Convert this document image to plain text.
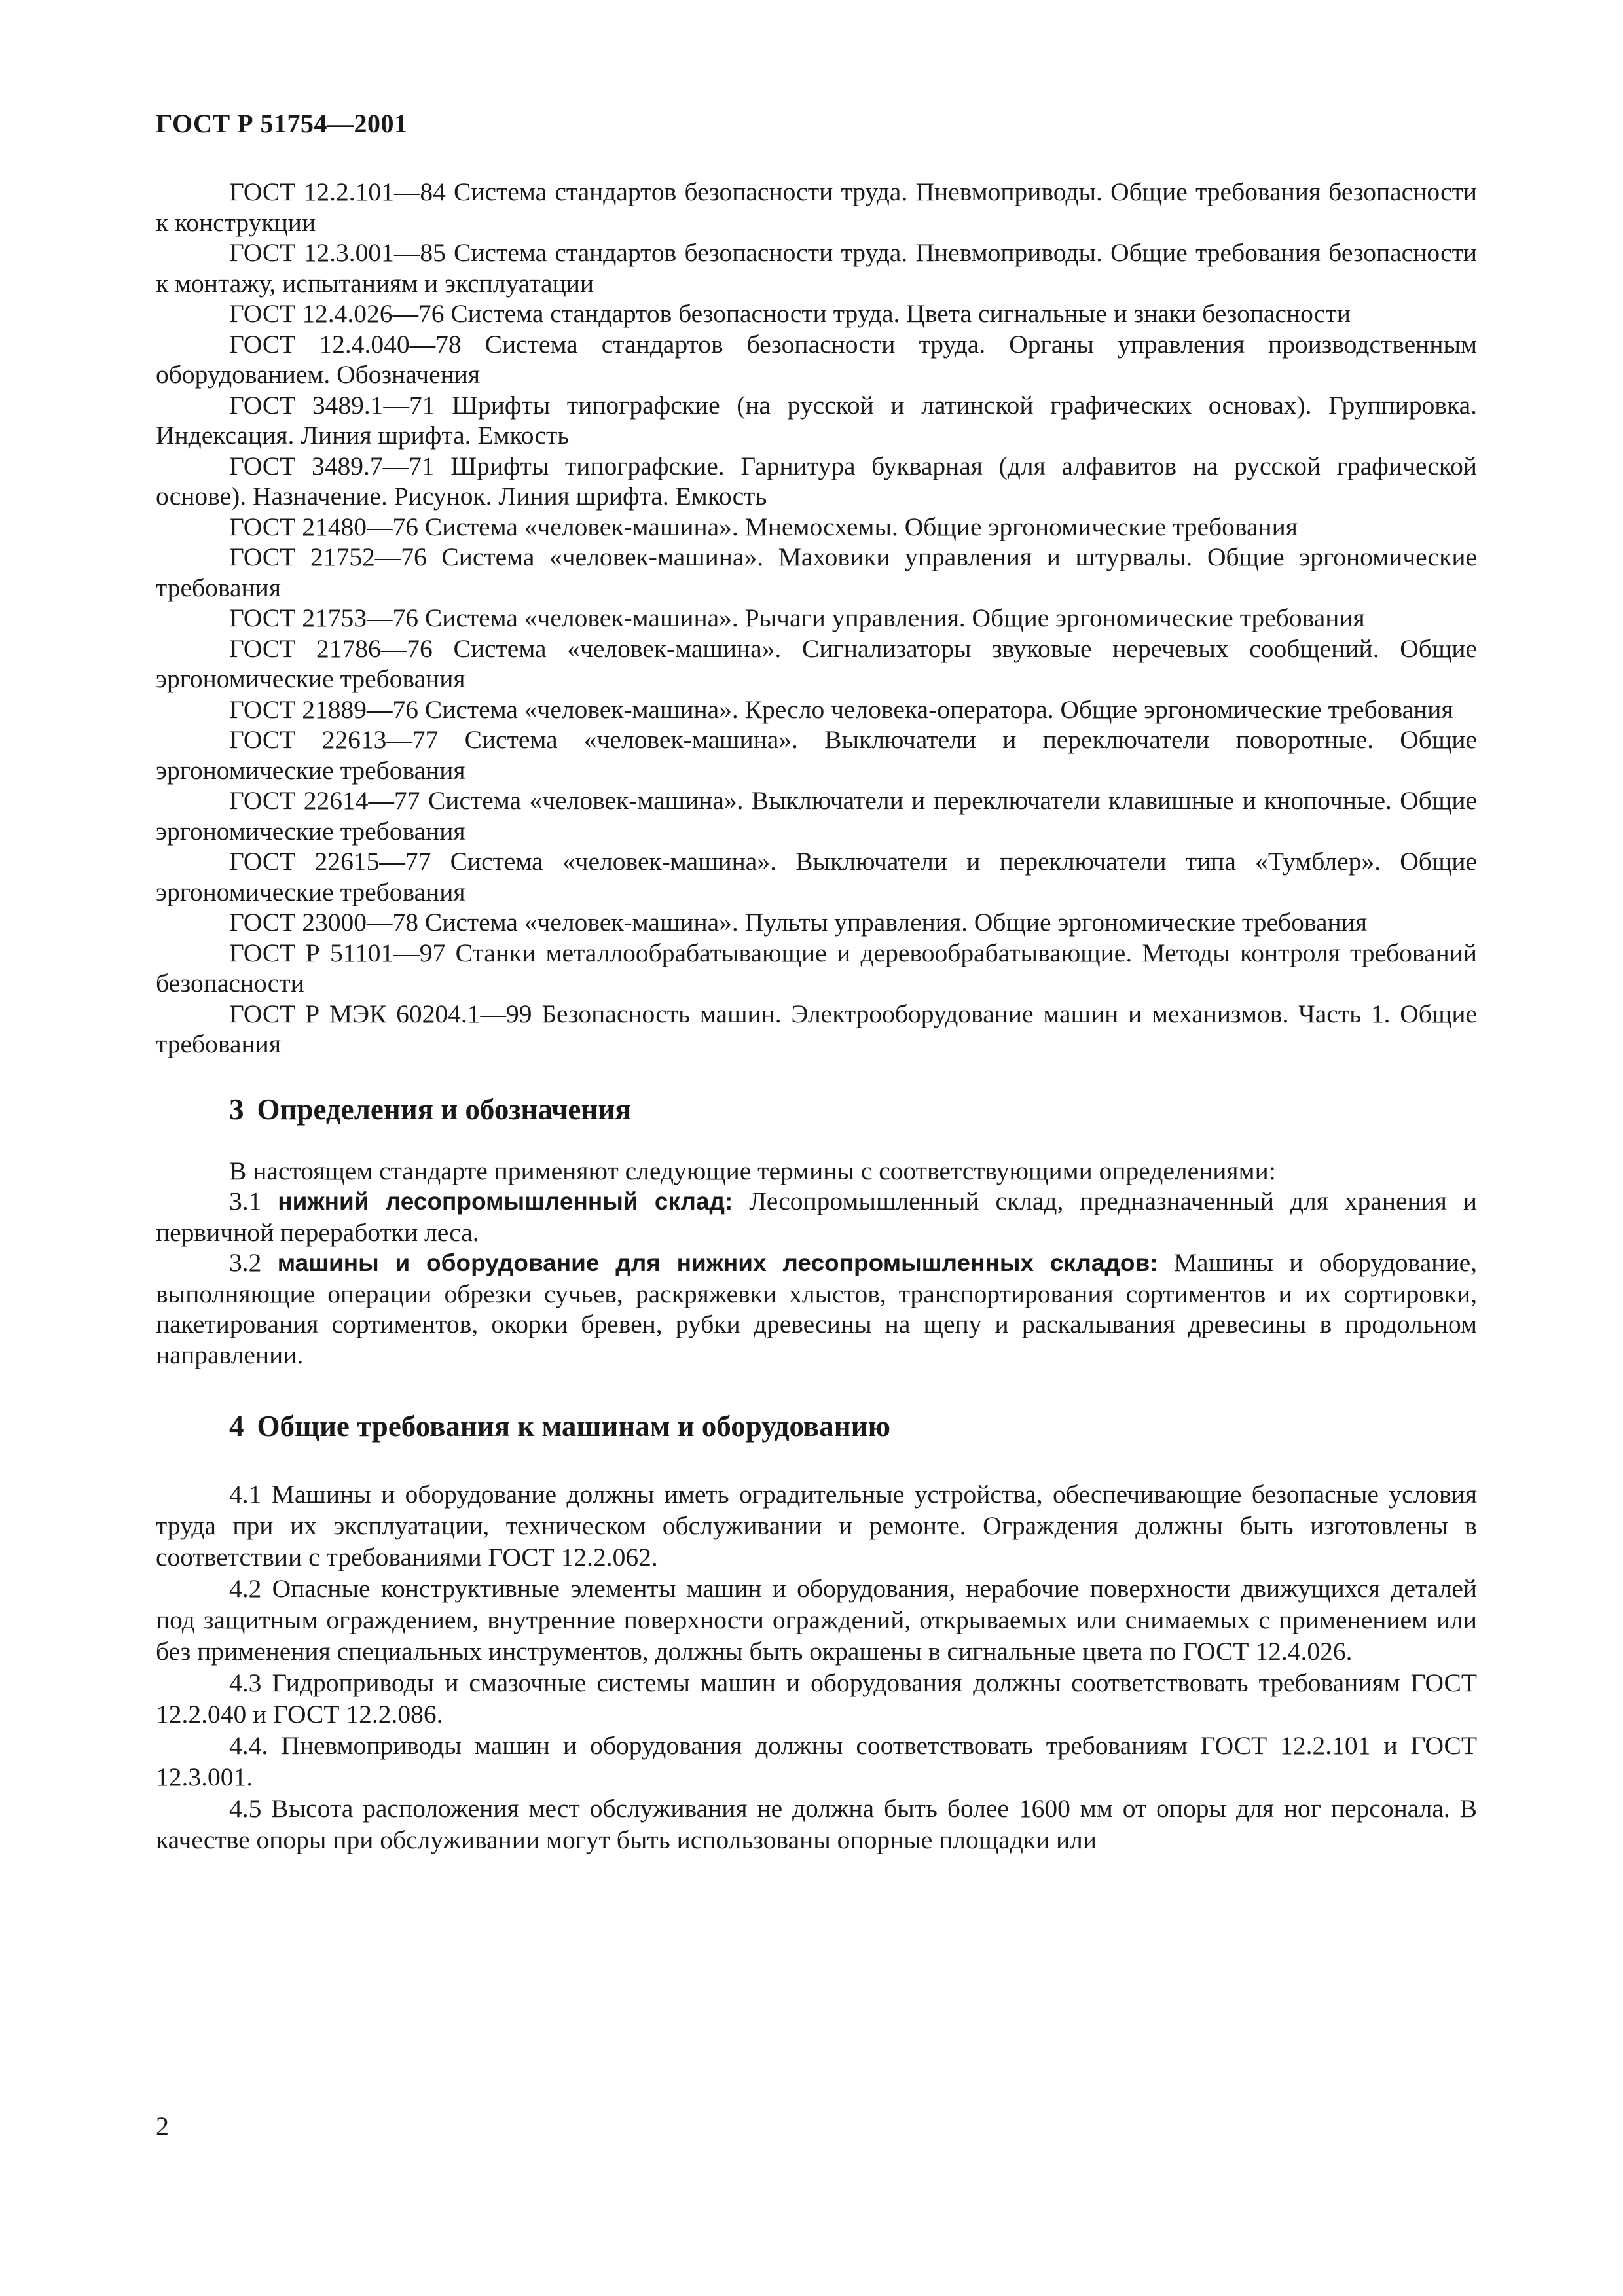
ГОСТ Р 51754—2001

ГОСТ 12.2.101—84 Система стандартов безопасности труда. Пневмоприводы. Общие требования безопасности к конструкции

ГОСТ 12.3.001—85 Система стандартов безопасности труда. Пневмоприводы. Общие требования безопасности к монтажу, испытаниям и эксплуатации

ГОСТ 12.4.026—76 Система стандартов безопасности труда. Цвета сигнальные и знаки безопасности

ГОСТ 12.4.040—78 Система стандартов безопасности труда. Органы управления производственным оборудованием. Обозначения

ГОСТ 3489.1—71 Шрифты типографские (на русской и латинской графических основах). Группировка. Индексация. Линия шрифта. Емкость

ГОСТ 3489.7—71 Шрифты типографские. Гарнитура букварная (для алфавитов на русской графической основе). Назначение. Рисунок. Линия шрифта. Емкость

ГОСТ 21480—76 Система «человек-машина». Мнемосхемы. Общие эргономические требования

ГОСТ 21752—76 Система «человек-машина». Маховики управления и штурвалы. Общие эргономические требования

ГОСТ 21753—76 Система «человек-машина». Рычаги управления. Общие эргономические требования

ГОСТ 21786—76 Система «человек-машина». Сигнализаторы звуковые неречевых сообщений. Общие эргономические требования

ГОСТ 21889—76 Система «человек-машина». Кресло человека-оператора. Общие эргономические требования

ГОСТ 22613—77 Система «человек-машина». Выключатели и переключатели поворотные. Общие эргономические требования

ГОСТ 22614—77 Система «человек-машина». Выключатели и переключатели клавишные и кнопочные. Общие эргономические требования

ГОСТ 22615—77 Система «человек-машина». Выключатели и переключатели типа «Тумблер». Общие эргономические требования

ГОСТ 23000—78 Система «человек-машина». Пульты управления. Общие эргономические требования

ГОСТ Р 51101—97 Станки металлообрабатывающие и деревообрабатывающие. Методы контроля требований безопасности

ГОСТ Р МЭК 60204.1—99 Безопасность машин. Электрооборудование машин и механизмов. Часть 1. Общие требования

3 Определения и обозначения

В настоящем стандарте применяют следующие термины с соответствующими определениями:

3.1 нижний лесопромышленный склад: Лесопромышленный склад, предназначенный для хранения и первичной переработки леса.

3.2 машины и оборудование для нижних лесопромышленных складов: Машины и оборудование, выполняющие операции обрезки сучьев, раскряжевки хлыстов, транспортирования сортиментов и их сортировки, пакетирования сортиментов, окорки бревен, рубки древесины на щепу и раскалывания древесины в продольном направлении.

4 Общие требования к машинам и оборудованию

4.1 Машины и оборудование должны иметь оградительные устройства, обеспечивающие безопасные условия труда при их эксплуатации, техническом обслуживании и ремонте. Ограждения должны быть изготовлены в соответствии с требованиями ГОСТ 12.2.062.

4.2 Опасные конструктивные элементы машин и оборудования, нерабочие поверхности движущихся деталей под защитным ограждением, внутренние поверхности ограждений, открываемых или снимаемых с применением или без применения специальных инструментов, должны быть окрашены в сигнальные цвета по ГОСТ 12.4.026.

4.3 Гидроприводы и смазочные системы машин и оборудования должны соответствовать требованиям ГОСТ 12.2.040 и ГОСТ 12.2.086.

4.4. Пневмоприводы машин и оборудования должны соответствовать требованиям ГОСТ 12.2.101 и ГОСТ 12.3.001.

4.5 Высота расположения мест обслуживания не должна быть более 1600 мм от опоры для ног персонала. В качестве опоры при обслуживании могут быть использованы опорные площадки или

2
